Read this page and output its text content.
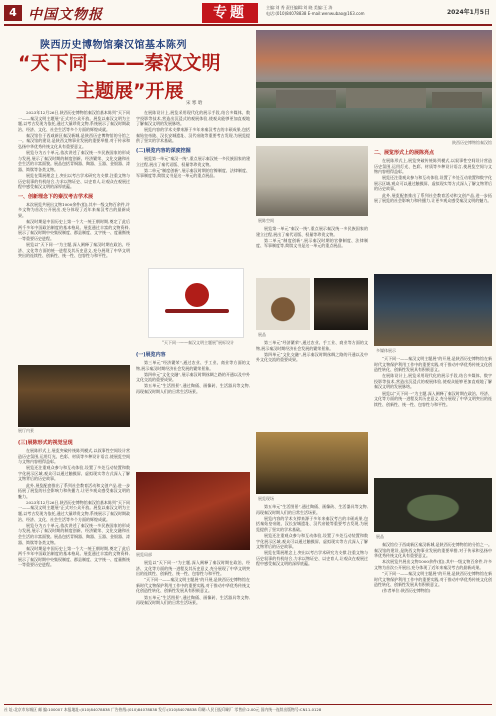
4 中国文物报	专题	主编:刘 秀 责任编辑:刘 晓 美编:王 涛
电话:(010)84078838 E-mail:wenwubao@163.com	2024年1月5日
陕西历史博物馆秦汉馆基本陈列
“天下同一——秦汉文明
主题展”开展
宋 寒 晗
陕西历史博物馆秦汉馆

2023年12月26日,陕西历史博物馆秦汉馆基本陈列“天下同一——秦汉文明主题展”正式对公众开放。展览以秦汉文明为主题,以考古发现为依托,通过大量珍贵文物,系统展示了秦汉时期政治、经济、文化、社会生活等多个方面的辉煌成就。

秦汉馆位于西咸新区秦汉新城,是陕西历史博物馆的分馆之一。秦汉馆的建设,是陕西文物事业发展的重要举措,对于传承和弘扬中华优秀传统文化具有重要意义。

展览分为五个单元,依次讲述了秦汉统一多民族国家的形成与发展,展示了秦汉时期的制度创新、经济繁荣、文化交融和社会生活的丰富面貌。展品包括青铜器、陶器、玉器、金银器、漆器、简牍等各类文物。

展览在策展理念上,突出以考古学术研究为支撑,注重文物与历史叙事的有机结合,力求以物证史、以史育人,让观众在观展过程中感受秦汉文明的深厚底蕴。

一、创新理念下的秦汉考古学术展

本次展览共展出文物1000余件(组),其中一级文物百余件,许多文物为首次公开展出,充分体现了近年来秦汉考古的最新成果。

秦汉时期是中国历史上第一个大一统王朝时期,奠定了此后两千多年中国政治制度的基本格局。展览通过丰富的文物资料,展示了秦汉时期中央集权制度、郡县制度、文字统一、度量衡统一等重要历史进程。

展览以“天下同一”为主题,深入阐释了秦汉时期在政治、经济、文化等方面的统一进程及其历史意义,充分展现了中华文明突出的连续性、创新性、统一性、包容性与和平性。

在展陈设计上,展览采用现代化的展示手段,结合多媒体、数字投影等技术,营造出沉浸式的观展体验,使观众能够更加直观地了解秦汉文明的发展脉络。

展览内容的学术支撑来源于多年来秦汉考古的丰硕成果,包括秦始皇帝陵、汉长安城遗址、汉代帝陵等重要考古发现,为展览提供了坚实的学术基础。

(二)展览内容的深度挖掘

展览第一单元“秦汉一统”,重点展示秦汉统一多民族国家的建立过程,展出了秦代诏版、权量等珍贵文物。

第二单元“制度创新”,展示秦汉时期的官僚制度、法律制度、军事制度等,简牍文书是这一单元的重点展品。

“天下同一——秦汉文明主题展”展标设计
(一)展览内容

第三单元“经济繁荣”,通过农业、手工业、商业等方面的文物,展示秦汉时期经济社会发展的繁荣景象。

第四单元“文化交融”,展示秦汉时期丝绸之路的开通以及中外文化交流的重要成果。

第五单元“生活图景”,通过陶俑、画像砖、生活器具等文物,再现秦汉时期人们的日常生活场景。

展厅内景
(三)展陈形式的视觉呈现

在展陈形式上,展览突破传统陈列模式,以叙事性空间设计营造历史氛围,运用灯光、色彩、材质等多种设计语言,使展览空间与文物内容相得益彰。

展览还注重观众参与和互动体验,设置了多处互动装置和数字化展示区域,观众可以通过触摸屏、虚拟现实等方式深入了解文物背后的历史故事。

此外,展览配套推出了系列社会教育活动和文创产品,进一步拓展了展览的社会影响力和传播力,让更多观众感受秦汉文明的魅力。

2023年12月26日,陕西历史博物馆秦汉馆基本陈列“天下同一——秦汉文明主题展”正式对公众开放。展览以秦汉文明为主题,以考古发现为依托,通过大量珍贵文物,系统展示了秦汉时期政治、经济、文化、社会生活等多个方面的辉煌成就。

展览分为五个单元,依次讲述了秦汉统一多民族国家的形成与发展,展示了秦汉时期的制度创新、经济繁荣、文化交融和社会生活的丰富面貌。展品包括青铜器、陶器、玉器、金银器、漆器、简牍等各类文物。

秦汉时期是中国历史上第一个大一统王朝时期,奠定了此后两千多年中国政治制度的基本格局。展览通过丰富的文物资料,展示了秦汉时期中央集权制度、郡县制度、文字统一、度量衡统一等重要历史进程。

展览局部

展览以“天下同一”为主题,深入阐释了秦汉时期在政治、经济、文化等方面的统一进程及其历史意义,充分展现了中华文明突出的连续性、创新性、统一性、包容性与和平性。

“天下同一——秦汉文明主题展”的开展,是陕西历史博物馆在新时代文物保护利用工作中的重要实践,对于推动中华优秀传统文化创造性转化、创新性发展具有积极意义。

第五单元“生活图景”,通过陶俑、画像砖、生活器具等文物,再现秦汉时期人们的日常生活场景。

展陈空间

展览第一单元“秦汉一统”,重点展示秦汉统一多民族国家的建立过程,展出了秦代诏版、权量等珍贵文物。

第二单元“制度创新”,展示秦汉时期的官僚制度、法律制度、军事制度等,简牍文书是这一单元的重点展品。

展品

第三单元“经济繁荣”,通过农业、手工业、商业等方面的文物,展示秦汉时期经济社会发展的繁荣景象。

第四单元“文化交融”,展示秦汉时期丝绸之路的开通以及中外文化交流的重要成果。

展览现场

第五单元“生活图景”,通过陶俑、画像砖、生活器具等文物,再现秦汉时期人们的日常生活场景。

展览内容的学术支撑来源于多年来秦汉考古的丰硕成果,包括秦始皇帝陵、汉长安城遗址、汉代帝陵等重要考古发现,为展览提供了坚实的学术基础。

展览还注重观众参与和互动体验,设置了多处互动装置和数字化展示区域,观众可以通过触摸屏、虚拟现实等方式深入了解文物背后的历史故事。

展览在策展理念上,突出以考古学术研究为支撑,注重文物与历史叙事的有机结合,力求以物证史、以史育人,让观众在观展过程中感受秦汉文明的深厚底蕴。

二、展览形式上的展陈亮点

在展陈形式上,展览突破传统陈列模式,以叙事性空间设计营造历史氛围,运用灯光、色彩、材质等多种设计语言,使展览空间与文物内容相得益彰。

展览还注重观众参与和互动体验,设置了多处互动装置和数字化展示区域,观众可以通过触摸屏、虚拟现实等方式深入了解文物背后的历史故事。

此外,展览配套推出了系列社会教育活动和文创产品,进一步拓展了展览的社会影响力和传播力,让更多观众感受秦汉文明的魅力。

多媒体展示

“天下同一——秦汉文明主题展”的开展,是陕西历史博物馆在新时代文物保护利用工作中的重要实践,对于推动中华优秀传统文化创造性转化、创新性发展具有积极意义。

在展陈设计上,展览采用现代化的展示手段,结合多媒体、数字投影等技术,营造出沉浸式的观展体验,使观众能够更加直观地了解秦汉文明的发展脉络。

展览以“天下同一”为主题,深入阐释了秦汉时期在政治、经济、文化等方面的统一进程及其历史意义,充分展现了中华文明突出的连续性、创新性、统一性、包容性与和平性。

展品

秦汉馆位于西咸新区秦汉新城,是陕西历史博物馆的分馆之一。秦汉馆的建设,是陕西文物事业发展的重要举措,对于传承和弘扬中华优秀传统文化具有重要意义。

本次展览共展出文物1000余件(组),其中一级文物百余件,许多文物为首次公开展出,充分体现了近年来秦汉考古的最新成果。

“天下同一——秦汉文明主题展”的开展,是陕西历史博物馆在新时代文物保护利用工作中的重要实践,对于推动中华优秀传统文化创造性转化、创新性发展具有积极意义。

(作者单位:陕西历史博物馆)

社 址:北京市东城区 邮 编:100007 本报地址:(010)84078838 广告热线:(010)84078838 发行:(010)84078838 印刷:人民日报印刷厂 零售价:2.00元 国内统一连续出版物号:CN11-0128
